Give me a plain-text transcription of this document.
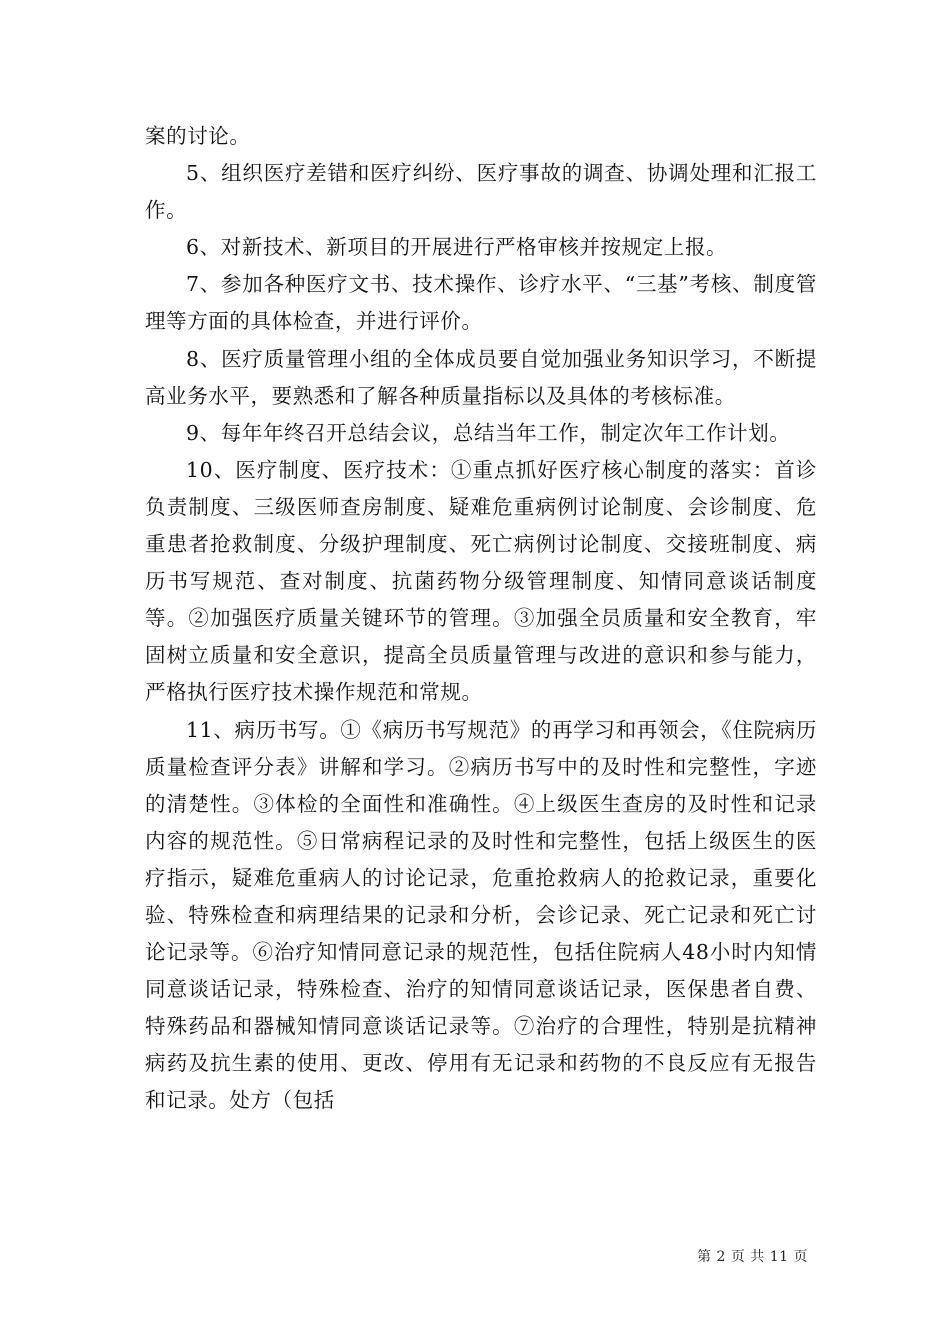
案的讨论。

5、组织医疗差错和医疗纠纷、医疗事故的调查、协调处理和汇报工作。

6、对新技术、新项目的开展进行严格审核并按规定上报。

7、参加各种医疗文书、技术操作、诊疗水平、“三基”考核、制度管理等方面的具体检查，并进行评价。

8、医疗质量管理小组的全体成员要自觉加强业务知识学习，不断提高业务水平，要熟悉和了解各种质量指标以及具体的考核标准。

9、每年年终召开总结会议，总结当年工作，制定次年工作计划。

10、医疗制度、医疗技术：①重点抓好医疗核心制度的落实：首诊负责制度、三级医师查房制度、疑难危重病例讨论制度、会诊制度、危重患者抢救制度、分级护理制度、死亡病例讨论制度、交接班制度、病历书写规范、查对制度、抗菌药物分级管理制度、知情同意谈话制度等。②加强医疗质量关键环节的管理。③加强全员质量和安全教育，牢固树立质量和安全意识，提高全员质量管理与改进的意识和参与能力，严格执行医疗技术操作规范和常规。

11、病历书写。①《病历书写规范》的再学习和再领会，《住院病历质量检查评分表》讲解和学习。②病历书写中的及时性和完整性，字迹的清楚性。③体检的全面性和准确性。④上级医生查房的及时性和记录内容的规范性。⑤日常病程记录的及时性和完整性，包括上级医生的医疗指示，疑难危重病人的讨论记录，危重抢救病人的抢救记录，重要化验、特殊检查和病理结果的记录和分析，会诊记录、死亡记录和死亡讨论记录等。⑥治疗知情同意记录的规范性，包括住院病人48小时内知情同意谈话记录，特殊检查、治疗的知情同意谈话记录，医保患者自费、特殊药品和器械知情同意谈话记录等。⑦治疗的合理性，特别是抗精神病药及抗生素的使用、更改、停用有无记录和药物的不良反应有无报告和记录。处方（包括

第 2 页 共 11 页
